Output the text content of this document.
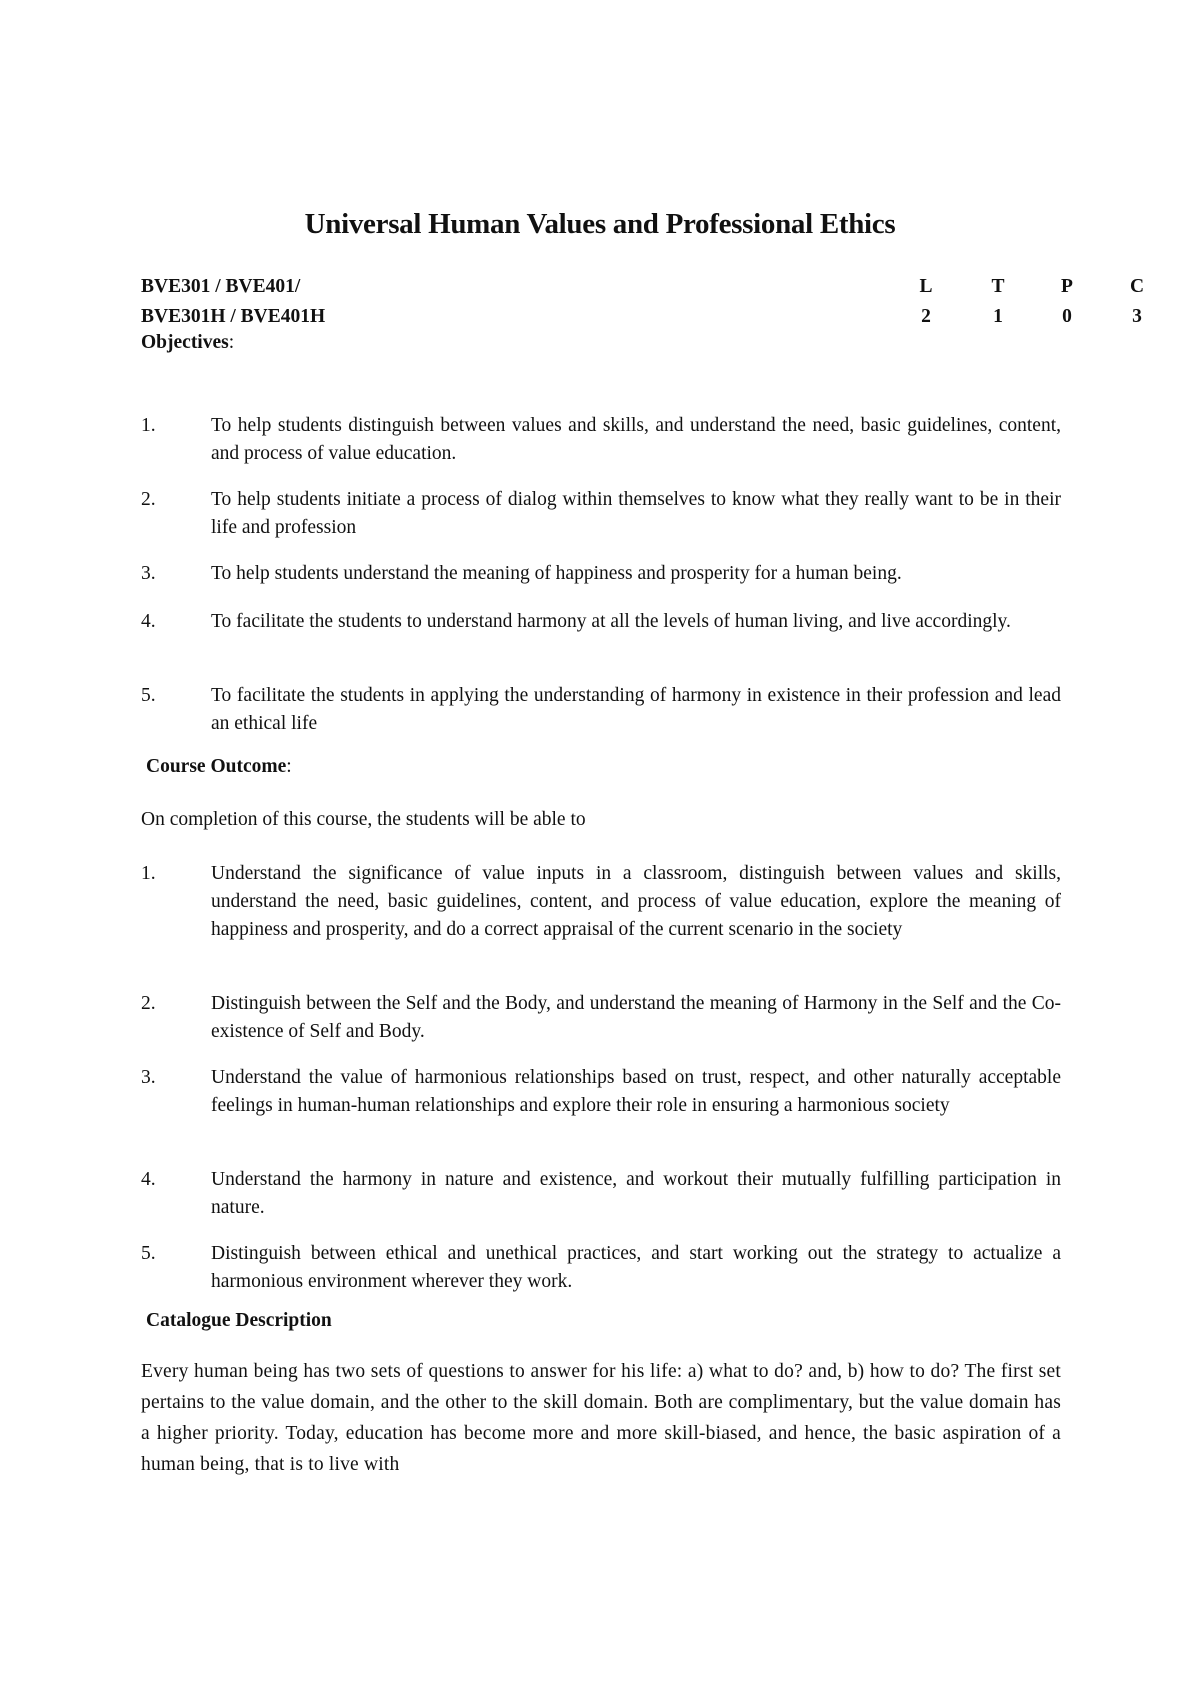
Universal Human Values and Professional Ethics
BVE301 / BVE401/	L	T	P	C
BVE301H / BVE401H	2	1	0	3
Objectives:
1.	To help students distinguish between values and skills, and understand the need, basic guidelines, content, and process of value education.
2.	To help students initiate a process of dialog within themselves to know what they really want to be in their life and profession
3.	To help students understand the meaning of happiness and prosperity for a human being.
4.	To facilitate the students to understand harmony at all the levels of human living, and live accordingly.
5.	To facilitate the students in applying the understanding of harmony in existence in their profession and lead an ethical life
Course Outcome:
On completion of this course, the students will be able to
1.	Understand the significance of value inputs in a classroom, distinguish between values and skills, understand the need, basic guidelines, content, and process of value education, explore the meaning of happiness and prosperity, and do a correct appraisal of the current scenario in the society
2.	Distinguish between the Self and the Body, and understand the meaning of Harmony in the Self and the Co-existence of Self and Body.
3.	Understand the value of harmonious relationships based on trust, respect, and other naturally acceptable feelings in human-human relationships and explore their role in ensuring a harmonious society
4.	Understand the harmony in nature and existence, and workout their mutually fulfilling participation in nature.
5.	Distinguish between ethical and unethical practices, and start working out the strategy to actualize a harmonious environment wherever they work.
Catalogue Description
Every human being has two sets of questions to answer for his life: a) what to do? and, b) how to do? The first set pertains to the value domain, and the other to the skill domain. Both are complimentary, but the value domain has a higher priority. Today, education has become more and more skill-biased, and hence, the basic aspiration of a human being, that is to live with
